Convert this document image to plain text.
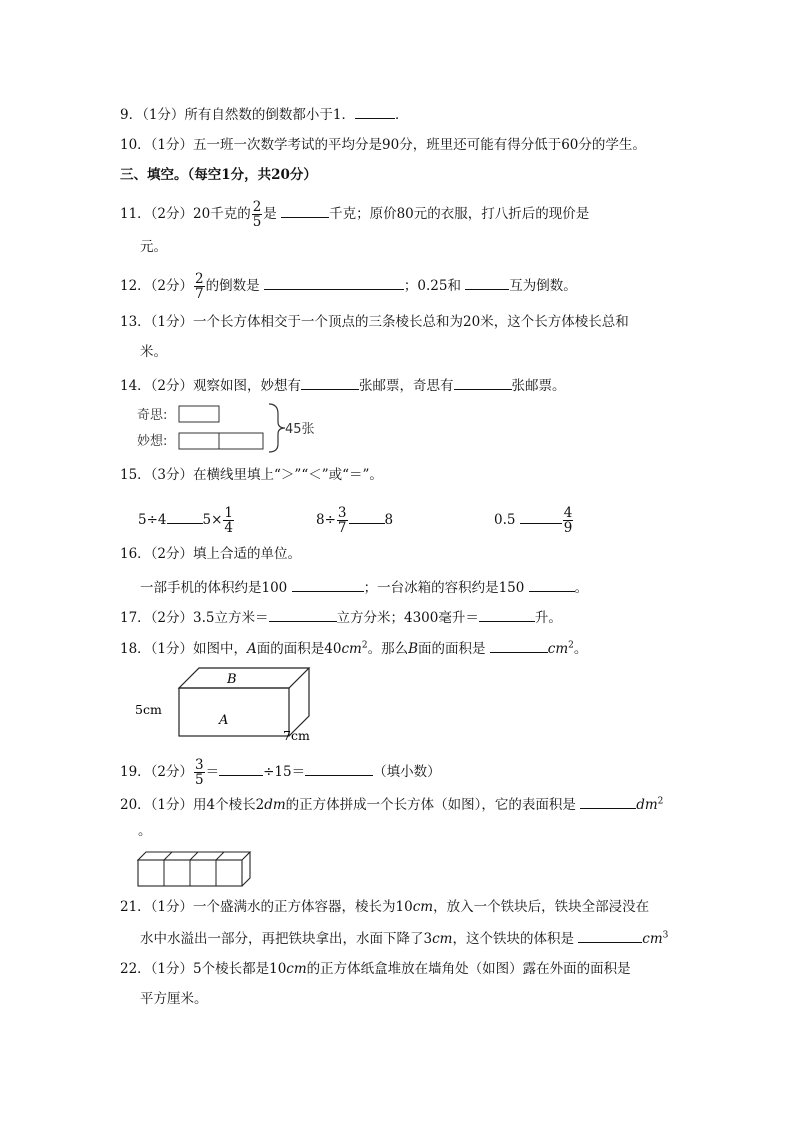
9．（1分）所有自然数的倒数都小于1．	．
10．（1分）五一班一次数学考试的平均分是90分，班里还可能有得分低于60分的学生。
三、填空。（每空1分，共20分）
11．（2分）20千克的 $\frac{2}{5}$ 是	千克；原价80元的衣服，打八折后的现价是
元。
12．（2分） $\frac{2}{7}$ 的倒数是	；0.25和	互为倒数。
13．（1分）一个长方体相交于一个顶点的三条棱长总和为20米，这个长方体棱长总和
米。
14．（2分）观察如图，妙想有	张邮票，奇思有	张邮票。
奇思:
妙想:
45张
15．（3分）在横线里填上“＞”“＜”或“＝”。
5÷4	$5\times \frac{1}{4}$	$8\div \frac{3}{7}$	8	0.5	$\frac{4}{9}$
16．（2分）填上合适的单位。
一部手机的体积约是100	；一台冰箱的容积约是150	。
17．（2分）3.5立方米＝	立方分米；4300毫升＝	升。
18．（1分）如图中，A面的面积是$40cm^2$。那么B面的面积是	$cm^2$。
B
A
5cm
7cm
19．（2分） $\frac{3}{5}$ ＝	÷15＝	（填小数）
20．（1分）用4个棱长2dm的正方体拼成一个长方体（如图），它的表面积是	$dm^2$
。
21．（1分）一个盛满水的正方体容器，棱长为10cm，放入一个铁块后，铁块全部浸没在
水中水溢出一部分，再把铁块拿出，水面下降了3cm，这个铁块的体积是	$cm^3$
22．（1分）5个棱长都是10cm的正方体纸盒堆放在墙角处（如图）露在外面的面积是
平方厘米。
